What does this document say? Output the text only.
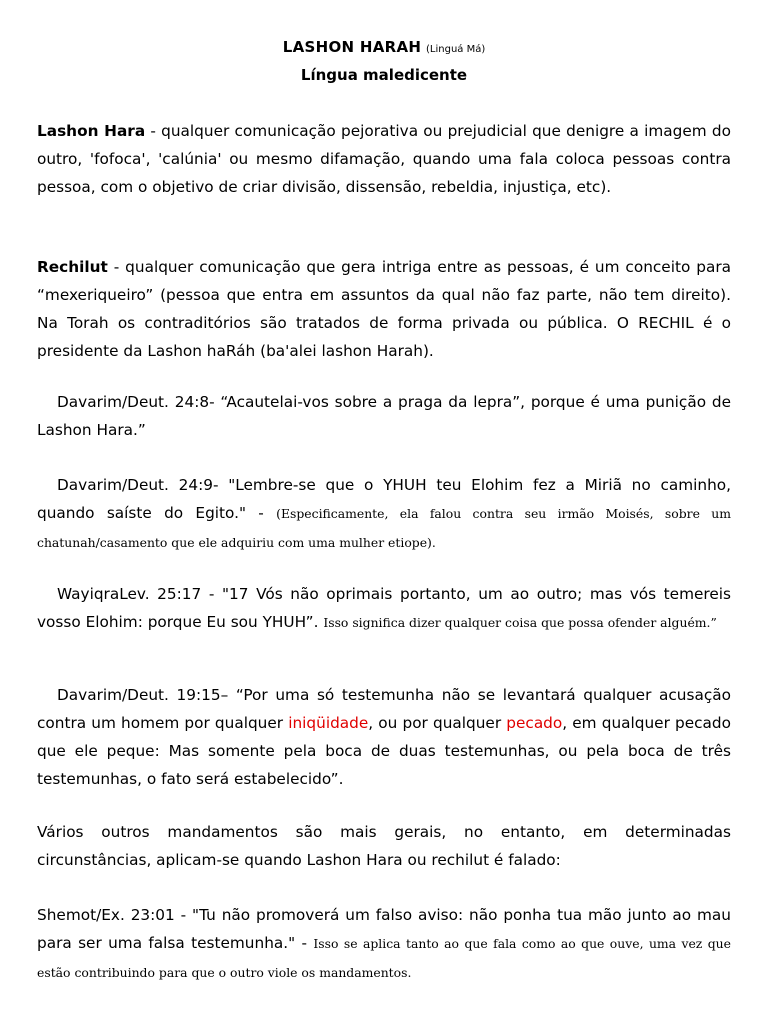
LASHON HARAH (Linguá Má)
Língua maledicente

Lashon Hara - qualquer comunicação pejorativa ou prejudicial que denigre a imagem do outro, 'fofoca', 'calúnia' ou mesmo difamação, quando uma fala coloca pessoas contra pessoa, com o objetivo de criar divisão, dissensão, rebeldia, injustiça, etc).

Rechilut - qualquer comunicação que gera intriga entre as pessoas, é um conceito para “mexeriqueiro” (pessoa que entra em assuntos da qual não faz parte, não tem direito). Na Torah os contraditórios são tratados de forma privada ou pública. O RECHIL é o presidente da Lashon haRáh (ba'alei lashon Harah).

Davarim/Deut. 24:8- “Acautelai-vos sobre a praga da lepra”, porque é uma punição de Lashon Hara.”

Davarim/Deut. 24:9- "Lembre-se que o YHUH teu Elohim fez a Miriã no caminho, quando saíste do Egito." - (Especificamente, ela falou contra seu irmão Moisés, sobre um chatunah/casamento que ele adquiriu com uma mulher etiope).

WayiqraLev. 25:17 - "17 Vós não oprimais portanto, um ao outro; mas vós temereis vosso Elohim: porque Eu sou YHUH”. Isso significa dizer qualquer coisa que possa ofender alguém.”

Davarim/Deut. 19:15– “Por uma só testemunha não se levantará qualquer acusação contra um homem por qualquer iniqüidade, ou por qualquer pecado, em qualquer pecado que ele peque: Mas somente pela boca de duas testemunhas, ou pela boca de três testemunhas, o fato será estabelecido”.

Vários outros mandamentos são mais gerais, no entanto, em determinadas circunstâncias, aplicam-se quando Lashon Hara ou rechilut é falado:

Shemot/Ex. 23:01 - "Tu não promoverá um falso aviso: não ponha tua mão junto ao mau para ser uma falsa testemunha." - Isso se aplica tanto ao que fala como ao que ouve, uma vez que estão contribuindo para que o outro viole os mandamentos.
